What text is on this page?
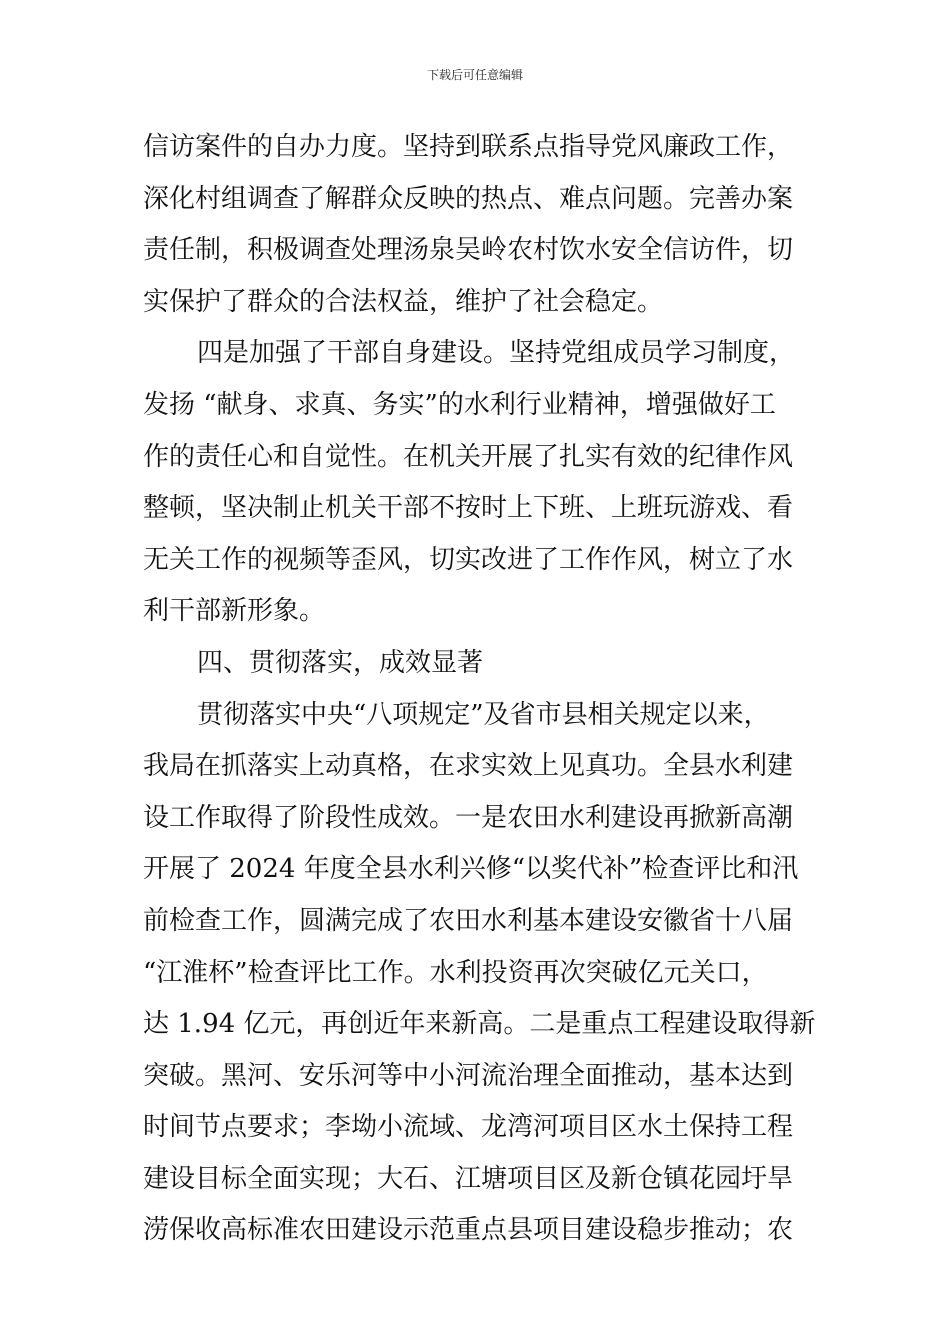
下载后可任意编辑
信访案件的自办力度。坚持到联系点指导党风廉政工作，
深化村组调查了解群众反映的热点、难点问题。完善办案
责任制，积极调查处理汤泉吴岭农村饮水安全信访件，切
实保护了群众的合法权益，维护了社会稳定。
四是加强了干部自身建设。坚持党组成员学习制度，
发扬 “献身、求真、务实”的水利行业精神，增强做好工
作的责任心和自觉性。在机关开展了扎实有效的纪律作风
整顿，坚决制止机关干部不按时上下班、上班玩游戏、看
无关工作的视频等歪风，切实改进了工作作风，树立了水
利干部新形象。
四、贯彻落实，成效显著
贯彻落实中央“八项规定”及省市县相关规定以来，
我局在抓落实上动真格，在求实效上见真功。全县水利建
设工作取得了阶段性成效。一是农田水利建设再掀新高潮
开展了 2024 年度全县水利兴修“以奖代补”检查评比和汛
前检查工作，圆满完成了农田水利基本建设安徽省十八届
“江淮杯”检查评比工作。水利投资再次突破亿元关口，
达 1.94 亿元，再创近年来新高。二是重点工程建设取得新
突破。黑河、安乐河等中小河流治理全面推动，基本达到
时间节点要求；李坳小流域、龙湾河项目区水土保持工程
建设目标全面实现；大石、江塘项目区及新仓镇花园圩旱
涝保收高标准农田建设示范重点县项目建设稳步推动；农
